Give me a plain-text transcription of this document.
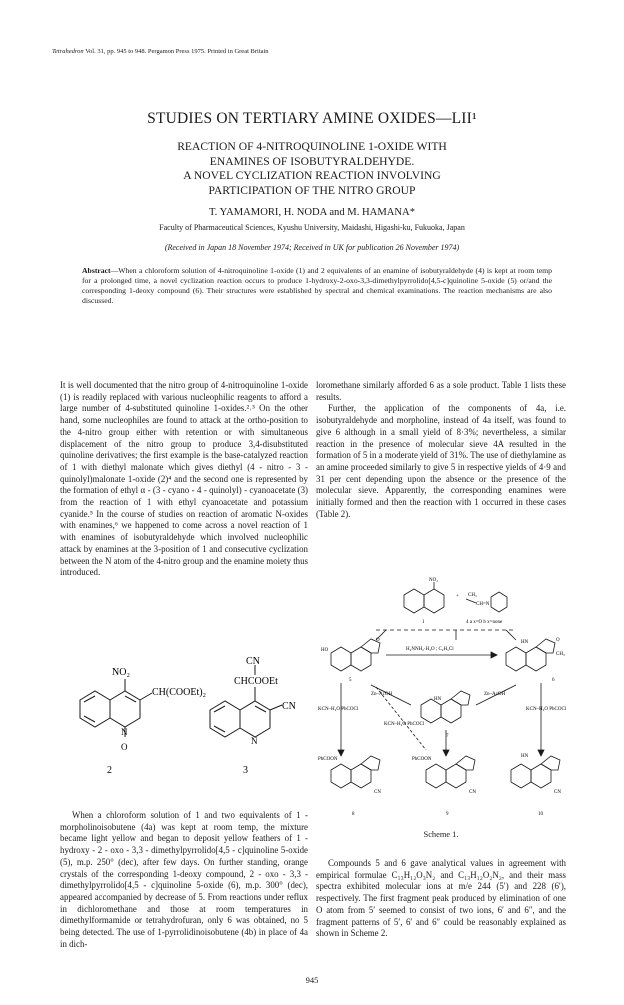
Tetrahedron Vol. 31, pp. 945 to 948. Pergamon Press 1975. Printed in Great Britain
STUDIES ON TERTIARY AMINE OXIDES—LII¹
REACTION OF 4-NITROQUINOLINE 1-OXIDE WITH
ENAMINES OF ISOBUTYRALDEHYDE.
A NOVEL CYCLIZATION REACTION INVOLVING
PARTICIPATION OF THE NITRO GROUP
T. YAMAMORI, H. NODA and M. HAMANA*
Faculty of Pharmaceutical Sciences, Kyushu University, Maidashi, Higashi-ku, Fukuoka, Japan
(Received in Japan 18 November 1974; Received in UK for publication 26 November 1974)
Abstract—When a chloroform solution of 4-nitroquinoline 1-oxide (1) and 2 equivalents of an enamine of isobutyraldehyde (4) is kept at room temp for a prolonged time, a novel cyclization reaction occurs to produce 1-hydroxy-2-oxo-3,3-dimethylpyrrolido[4,5-c]quinoline 5-oxide (5) or/and the corresponding 1-deoxy compound (6). Their structures were established by spectral and chemical examinations. The reaction mechanisms are also discussed.

It is well documented that the nitro group of 4-nitroquinoline 1-oxide (1) is readily replaced with various nucleophilic reagents to afford a large number of 4-substituted quinoline 1-oxides.²˒³ On the other hand, some nucleophiles are found to attack at the ortho-position to the 4-nitro group either with retention or with simultaneous displacement of the nitro group to produce 3,4-disubstituted quinoline derivatives; the first example is the base-catalyzed reaction of 1 with diethyl malonate which gives diethyl (4 - nitro - 3 - quinolyl)malonate 1-oxide (2)⁴ and the second one is represented by the formation of ethyl α - (3 - cyano - 4 - quinolyl) - cyanoacetate (3) from the reaction of 1 with ethyl cyanoacetate and potassium cyanide.⁵ In the course of studies on reaction of aromatic N-oxides with enamines,⁶ we happened to come across a novel reaction of 1 with enamines of isobutyraldehyde which involved nucleophilic attack by enamines at the 3-position of 1 and consecutive cyclization between the N atom of the 4-nitro group and the enamine moiety thus introduced.

NO₂
CH(COOEt)₂
N
O
2
CN
CHCOOEt
CN
N
3

When a chloroform solution of 1 and two equivalents of 1 - morpholinoisobutene (4a) was kept at room temp, the mixture became light yellow and began to deposit yellow feathers of 1 - hydroxy - 2 - oxo - 3,3 - dimethylpyrrolido[4,5 - c]quinoline 5-oxide (5), m.p. 250° (dec), after few days. On further standing, orange crystals of the corresponding 1-deoxy compound, 2 - oxo - 3,3 - dimethylpyrrolido[4,5 - c]quinoline 5-oxide (6), m.p. 300° (dec), appeared accompanied by decrease of 5. From reactions under reflux in dichloromethane and those at room temperatures in dimethylformamide or tetrahydrofuran, only 6 was obtained, no 5 being detected. The use of 1-pyrrolidinoisobutene (4b) in place of 4a in dich-

loromethane similarly afforded 6 as a sole product. Table 1 lists these results.

Further, the application of the components of 4a, i.e. isobutyraldehyde and morpholine, instead of 4a itself, was found to give 6 although in a small yield of 8·3%; nevertheless, a similar reaction in the presence of molecular sieve 4A resulted in the formation of 5 in a moderate yield of 31%. The use of diethylamine as an amine proceeded similarly to give 5 in respective yields of 4·9 and 31 per cent depending upon the absence or the presence of the molecular sieve. Apparently, the corresponding enamines were initially formed and then the reaction with 1 occurred in these cases (Table 2).

NO₂
+ CH₃
CH=N
1	4 a x=O b x=none
H₂NNH₂·H₂O ; C₂H₅Cl
HO
O	HN	O
CH₃
5	6
Zn–AcOH	Zn–AcOH
KCN–H₂O PhCOCl
KCN–H₂O PhCOCl
KCN–H₂O PhCOCl
HN
7
PhCOON	PhCOON
HN
CN	CN	CN
8	9	10
Scheme 1.

Compounds 5 and 6 gave analytical values in agreement with empirical formulae C₁₃H₁₂O₃N₂ and C₁₃H₁₂O₂N₂, and their mass spectra exhibited molecular ions at m/e 244 (5′) and 228 (6′), respectively. The first fragment peak produced by elimination of one O atom from 5′ seemed to consist of two ions, 6′ and 6″, and the fragment patterns of 5′, 6′ and 6″ could be reasonably explained as shown in Scheme 2.

945
